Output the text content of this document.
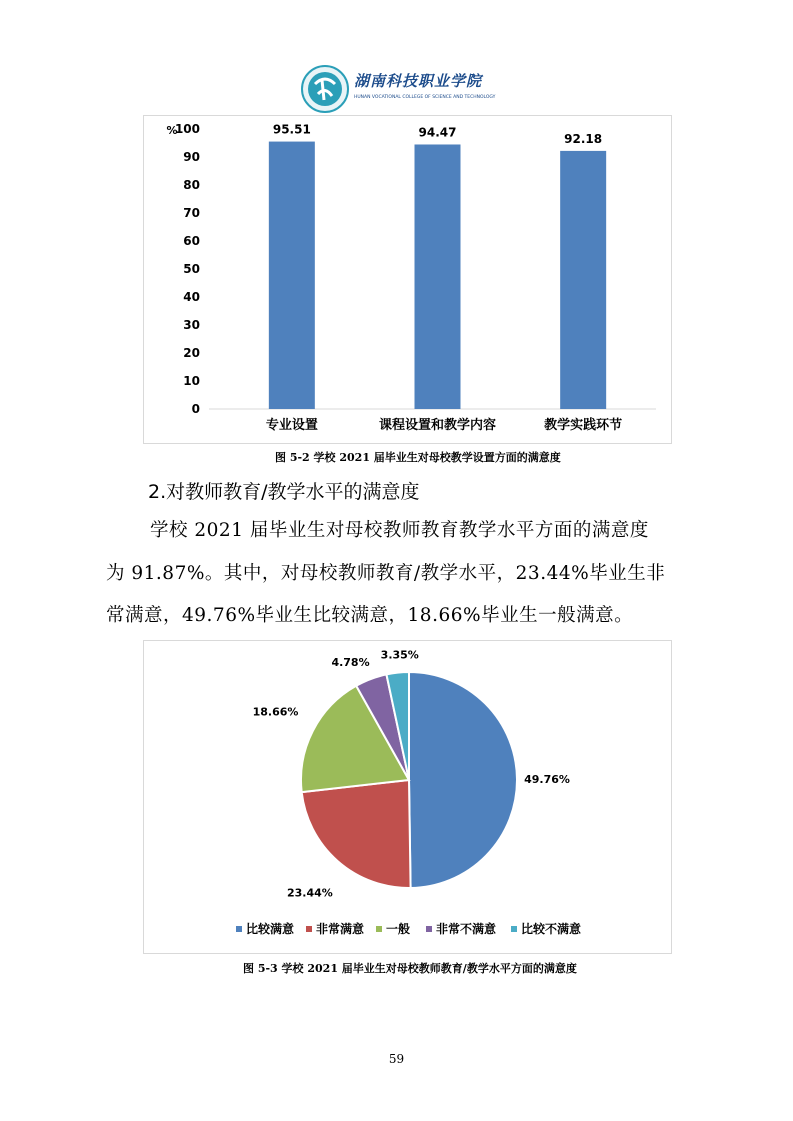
湖南科技职业学院
HUNAN VOCATIONAL COLLEGE OF SCIENCE AND TECHNOLOGY
%
0
10
20
30
40
50
60
70
80
90
100	95.51
专业设置
94.47
课程设置和教学内容
92.18
教学实践环节
图 5-2 学校 2021 届毕业生对母校教学设置方面的满意度
2.对教师教育/教学水平的满意度
学校 2021 届毕业生对母校教师教育教学水平方面的满意度
为 91.87%。其中，对母校教师教育/教学水平，23.44%毕业生非
常满意，49.76%毕业生比较满意，18.66%毕业生一般满意。
49.76%
23.44%
18.66%
4.78%
3.35%
比较满意 非常满意 一般 非常不满意 比较不满意
图 5-3 学校 2021 届毕业生对母校教师教育/教学水平方面的满意度
59
